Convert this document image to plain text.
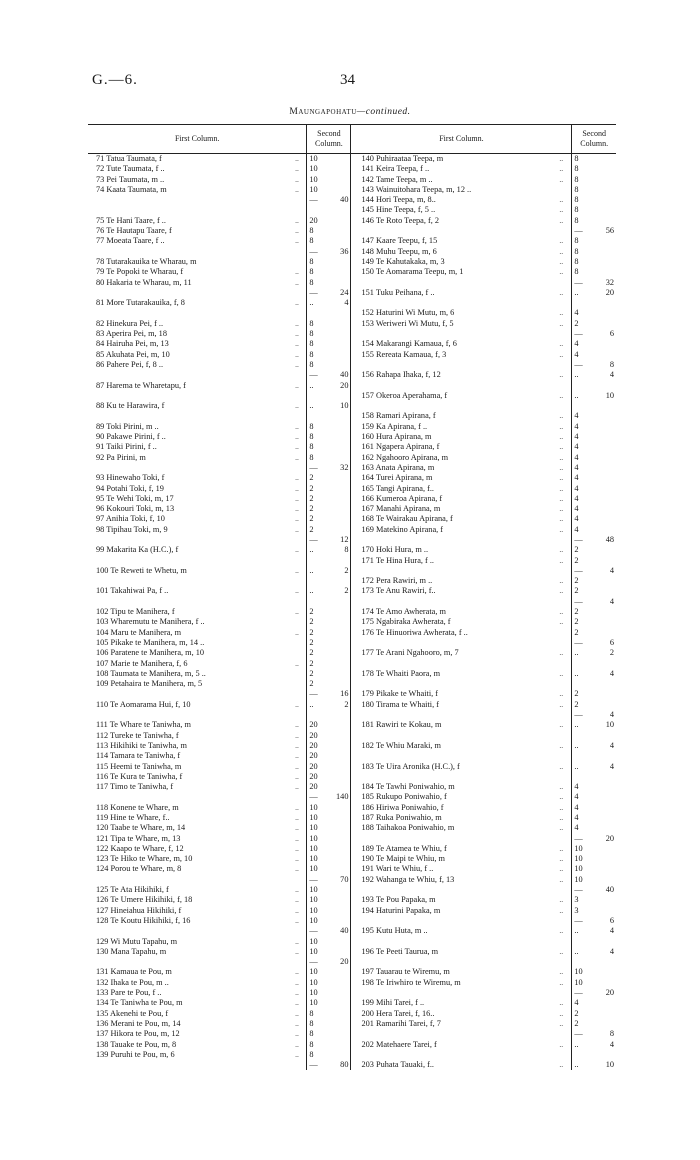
G.—6.	34
Maungapohatu—continued.
First Column.		Second
Column.		First Column.		Second
Column.	
71 Tatua Taumata, f	..	10		140 Puhiraataa Teepa, m	..	8	
72 Tute Taumata, f ..	..	10		141 Keira Teepa, f ..	..	8	
73 Pei Taumata, m ..	..	10		142 Tame Teepa, m ..	..	8	
74 Kaata Taumata, m	..	10		143 Wainuitohara Teepa, m, 12 ..		8	
		—	40	144 Hori Teepa, m, 8..	..	8	
				145 Hine Teepa, f, 5 ..	..	8	
75 Te Hani Taare, f ..	..	20		146 Te Roto Teepa, f, 2	..	8	
76 Te Hautapu Taare, f	..	8				—	56
77 Moeata Taare, f ..	..	8		147 Kaare Teepu, f, 15	..	8	
		—	36	148 Muhu Teepu, m, 6	..	8	
78 Tutarakauika te Wharau, m		8		149 Te Kahutakaka, m, 3	..	8	
79 Te Popoki te Wharau, f	..	8		150 Te Aomarama Teepu, m, 1	..	8	
80 Hakaria te Wharau, m, 11	..	8				—	32
		—	24	151 Tuku Peihana, f ..	..	..	20
81 More Tutarakauika, f, 8	..	..	4				
				152 Haturini Wi Mutu, m, 6	..	4	
82 Hinekura Pei, f ..	..	8		153 Weriweri Wi Mutu, f, 5	..	2	
83 Aperira Pei, m, 18	..	8				—	6
84 Hairuha Pei, m, 13	..	8		154 Makarangi Kamaua, f, 6	..	4	
85 Akuhata Pei, m, 10	..	8		155 Rereata Kamaua, f, 3	..	4	
86 Pahere Pei, f, 8 ..	..	8				—	8
		—	40	156 Rahapa Ihaka, f, 12	..	..	4
87 Harema te Wharetapu, f	..	..	20				
				157 Okeroa Aperahama, f	..	..	10
88 Ku te Harawira, f	..	..	10				
				158 Ramari Apirana, f	..	4	
89 Toki Pirini, m ..	..	8		159 Ka Apirana, f ..	..	4	
90 Pakawe Pirini, f ..	..	8		160 Hura Apirana, m	..	4	
91 Taiki Pirini, f ..	..	8		161 Ngapera Apirana, f	..	4	
92 Pa Pirini, m	..	8		162 Ngahooro Apirana, m	..	4	
		—	32	163 Anata Apirana, m	..	4	
93 Hinewaho Toki, f	..	2		164 Turei Apirana, m	..	4	
94 Potahi Toki, f, 19	..	2		165 Tangi Apirana, f..	..	4	
95 Te Wehi Toki, m, 17	..	2		166 Kumeroa Apirana, f	..	4	
96 Kokouri Toki, m, 13	..	2		167 Manahi Apirana, m	..	4	
97 Anihia Toki, f, 10	..	2		168 Te Wairakau Apirana, f	..	4	
98 Tipihau Toki, m, 9	..	2		169 Matekino Apirana, f	..	4	
		—	12			—	48
99 Makarita Ka (H.C.), f	..	..	8	170 Hoki Hura, m ..	..	2	
				171 Te Hina Hura, f ..	..	2	
100 Te Reweti te Whetu, m	..	..	2			—	4
				172 Pera Rawiri, m ..	..	2	
101 Takahiwai Pa, f ..	..	..	2	173 Te Anu Rawiri, f..	..	2	
						—	4
102 Tipu te Manihera, f	..	2		174 Te Amo Awherata, m	..	2	
103 Wharemutu te Manihera, f ..		2		175 Ngabiraka Awherata, f	..	2	
104 Maru te Manihera, m	..	2		176 Te Hinuoriwa Awherata, f ..		2	
105 Pikake te Manihera, m, 14 ..		2				—	6
106 Paratene te Manihera, m, 10		2		177 Te Arani Ngahooro, m, 7	..	..	2
107 Marie te Manihera, f, 6	..	2					
108 Taumata te Manihera, m, 5 ..		2		178 Te Whaiti Paora, m	..	..	4
109 Petahaira te Manihera, m, 5		2					
		—	16	179 Pikake te Whaiti, f	..	2	
110 Te Aomarama Hui, f, 10	..	..	2	180 Tirama te Whaiti, f	..	2	
						—	4
111 Te Whare te Taniwha, m	..	20		181 Rawiri te Kokau, m	..	..	10
112 Tureke te Taniwha, f	..	20					
113 Hikihiki te Taniwha, m	..	20		182 Te Whiu Maraki, m	..	..	4
114 Tamara te Taniwha, f	..	20					
115 Heemi te Taniwha, m	..	20		183 Te Uira Aronika (H.C.), f	..	..	4
116 Te Kura te Taniwha, f	..	20					
117 Timo te Taniwha, f	..	20		184 Te Tawhi Poniwahio, m	..	4	
		—	140	185 Rukupo Poniwahio, f	..	4	
118 Konene te Whare, m	..	10		186 Hiriwa Poniwahio, f	..	4	
119 Hine te Whare, f..	..	10		187 Ruka Poniwahio, m	..	4	
120 Taabe te Whare, m, 14	..	10		188 Taihakoa Poniwahio, m	..	4	
121 Tipa te Whare, m, 13	..	10				—	20
122 Kaapo te Whare, f, 12	..	10		189 Te Atamea te Whiu, f	..	10	
123 Te Hiko te Whare, m, 10	..	10		190 Te Maipi te Whiu, m	..	10	
124 Porou te Whare, m, 8	..	10		191 Wari te Whiu, f ..	..	10	
		—	70	192 Wahanga te Whiu, f, 13	..	10	
125 Te Ata Hikihiki, f	..	10				—	40
126 Te Umere Hikihiki, f, 18	..	10		193 Te Pou Papaka, m	..	3	
127 Hineiahua Hikihiki, f	..	10		194 Haturini Papaka, m	..	3	
128 Te Koutu Hikihiki, f, 16	..	10				—	6
		—	40	195 Kutu Huta, m ..	..	..	4
129 Wi Mutu Tapahu, m	..	10					
130 Mana Tapahu, m	..	10		196 Te Peeti Taurua, m	..	..	4
		—	20				
131 Kamaua te Pou, m	..	10		197 Tauarau te Wiremu, m	..	10	
132 Ihaka te Pou, m ..	..	10		198 Te Iriwhiro te Wiremu, m	..	10	
133 Pare te Pou, f ..	..	10				—	20
134 Te Taniwha te Pou, m	..	10		199 Mihi Tarei, f ..	..	4	
135 Akenehi te Pou, f	..	8		200 Hera Tarei, f, 16..	..	2	
136 Merani te Pou, m, 14	..	8		201 Ramarihi Tarei, f, 7	..	2	
137 Hikora te Pou, m, 12	..	8				—	8
138 Tauake te Pou, m, 8	..	8		202 Matehaere Tarei, f	..	..	4
139 Puruhi te Pou, m, 6	..	8					
		—	80	203 Puhata Tauaki, f..	..	..	10
